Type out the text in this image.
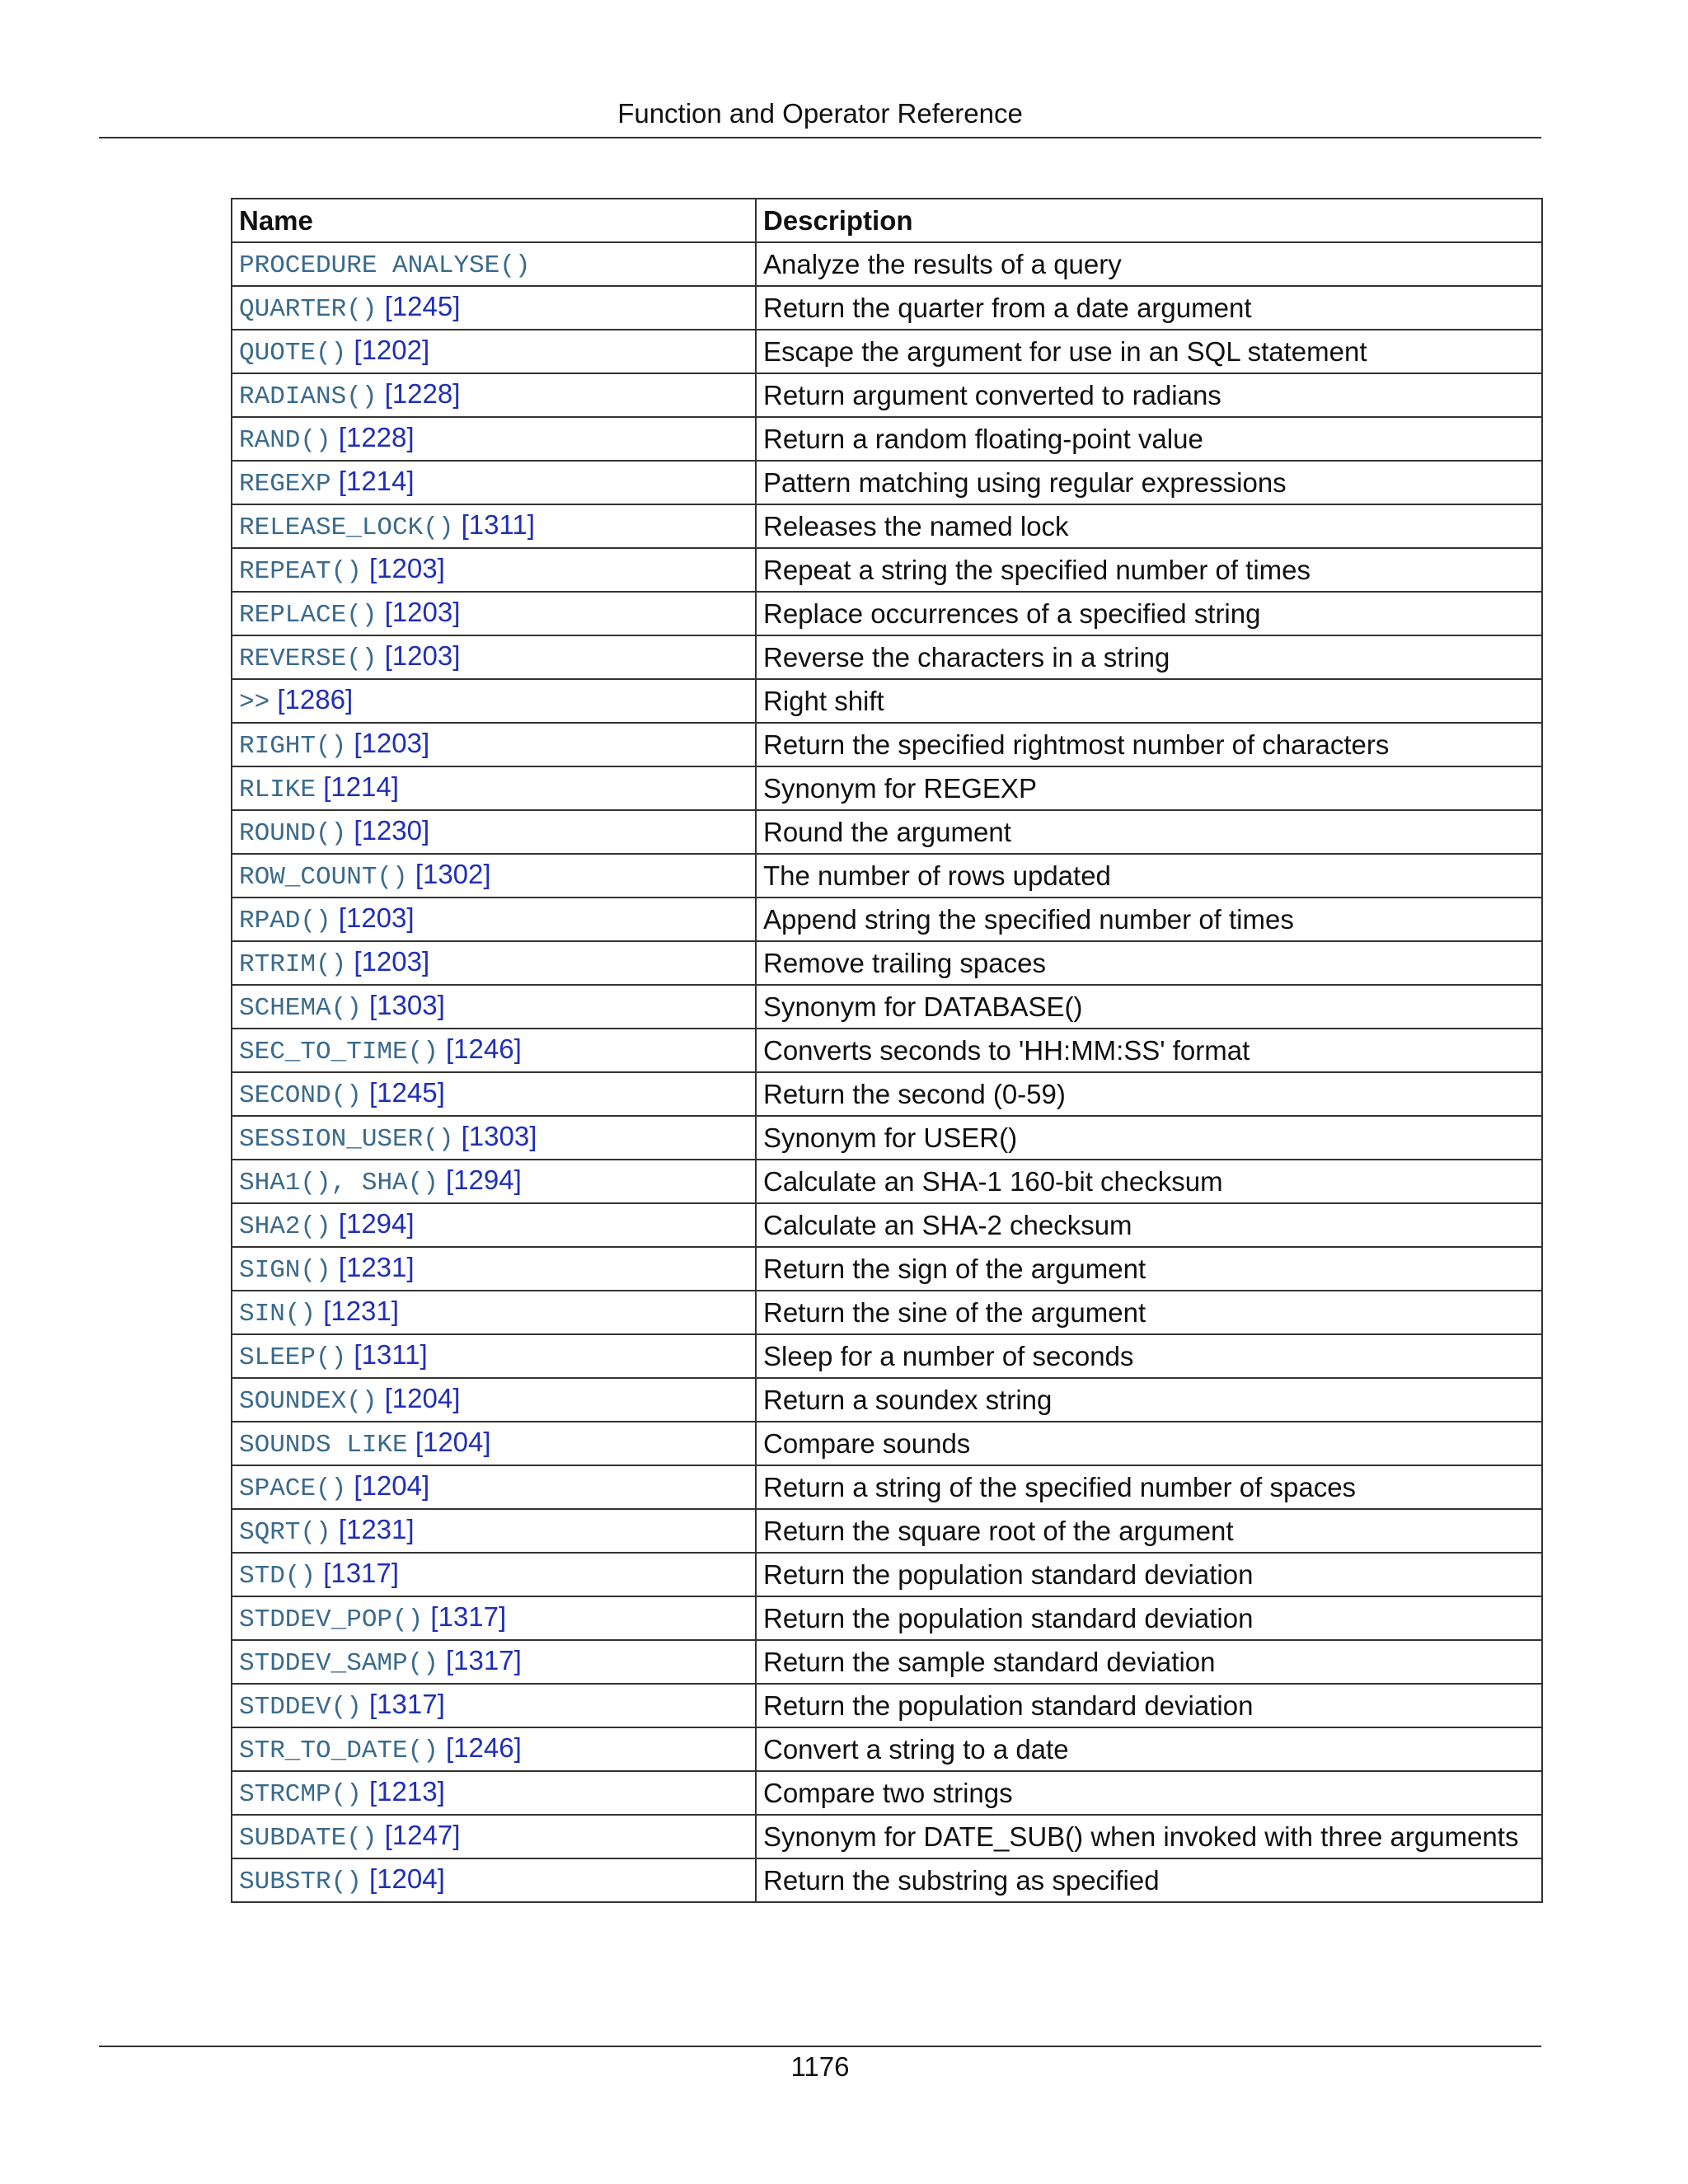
Function and Operator Reference
Name	Description
PROCEDURE ANALYSE()	Analyze the results of a query
QUARTER() [1245]	Return the quarter from a date argument
QUOTE() [1202]	Escape the argument for use in an SQL statement
RADIANS() [1228]	Return argument converted to radians
RAND() [1228]	Return a random floating-point value
REGEXP [1214]	Pattern matching using regular expressions
RELEASE_LOCK() [1311]	Releases the named lock
REPEAT() [1203]	Repeat a string the specified number of times
REPLACE() [1203]	Replace occurrences of a specified string
REVERSE() [1203]	Reverse the characters in a string
>> [1286]	Right shift
RIGHT() [1203]	Return the specified rightmost number of characters
RLIKE [1214]	Synonym for REGEXP
ROUND() [1230]	Round the argument
ROW_COUNT() [1302]	The number of rows updated
RPAD() [1203]	Append string the specified number of times
RTRIM() [1203]	Remove trailing spaces
SCHEMA() [1303]	Synonym for DATABASE()
SEC_TO_TIME() [1246]	Converts seconds to 'HH:MM:SS' format
SECOND() [1245]	Return the second (0-59)
SESSION_USER() [1303]	Synonym for USER()
SHA1(), SHA() [1294]	Calculate an SHA-1 160-bit checksum
SHA2() [1294]	Calculate an SHA-2 checksum
SIGN() [1231]	Return the sign of the argument
SIN() [1231]	Return the sine of the argument
SLEEP() [1311]	Sleep for a number of seconds
SOUNDEX() [1204]	Return a soundex string
SOUNDS LIKE [1204]	Compare sounds
SPACE() [1204]	Return a string of the specified number of spaces
SQRT() [1231]	Return the square root of the argument
STD() [1317]	Return the population standard deviation
STDDEV_POP() [1317]	Return the population standard deviation
STDDEV_SAMP() [1317]	Return the sample standard deviation
STDDEV() [1317]	Return the population standard deviation
STR_TO_DATE() [1246]	Convert a string to a date
STRCMP() [1213]	Compare two strings
SUBDATE() [1247]	Synonym for DATE_SUB() when invoked with three arguments
SUBSTR() [1204]	Return the substring as specified
1176
